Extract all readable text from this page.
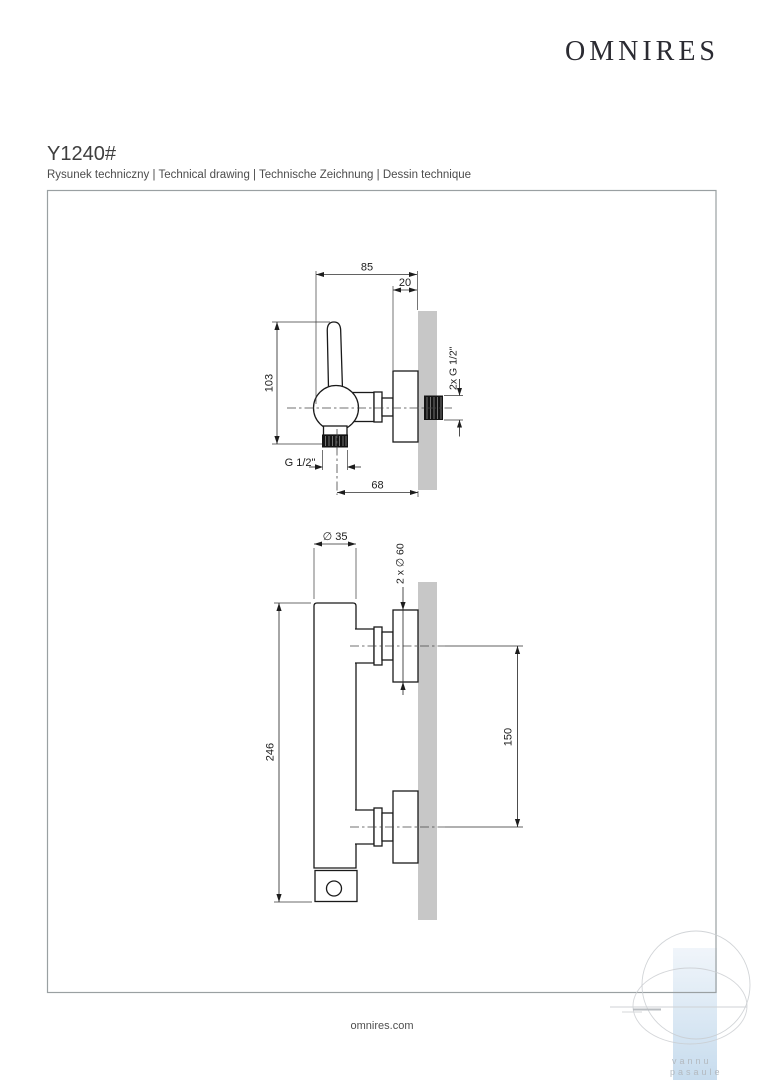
OMNIRES
Y1240#
Rysunek techniczny | Technical drawing | Technische Zeichnung | Dessin technique
vannu
pasaule
85
20
103	2x G 1/2"
G 1/2"
68
∅ 35
2 x ∅ 60
246
150
omnires.com
